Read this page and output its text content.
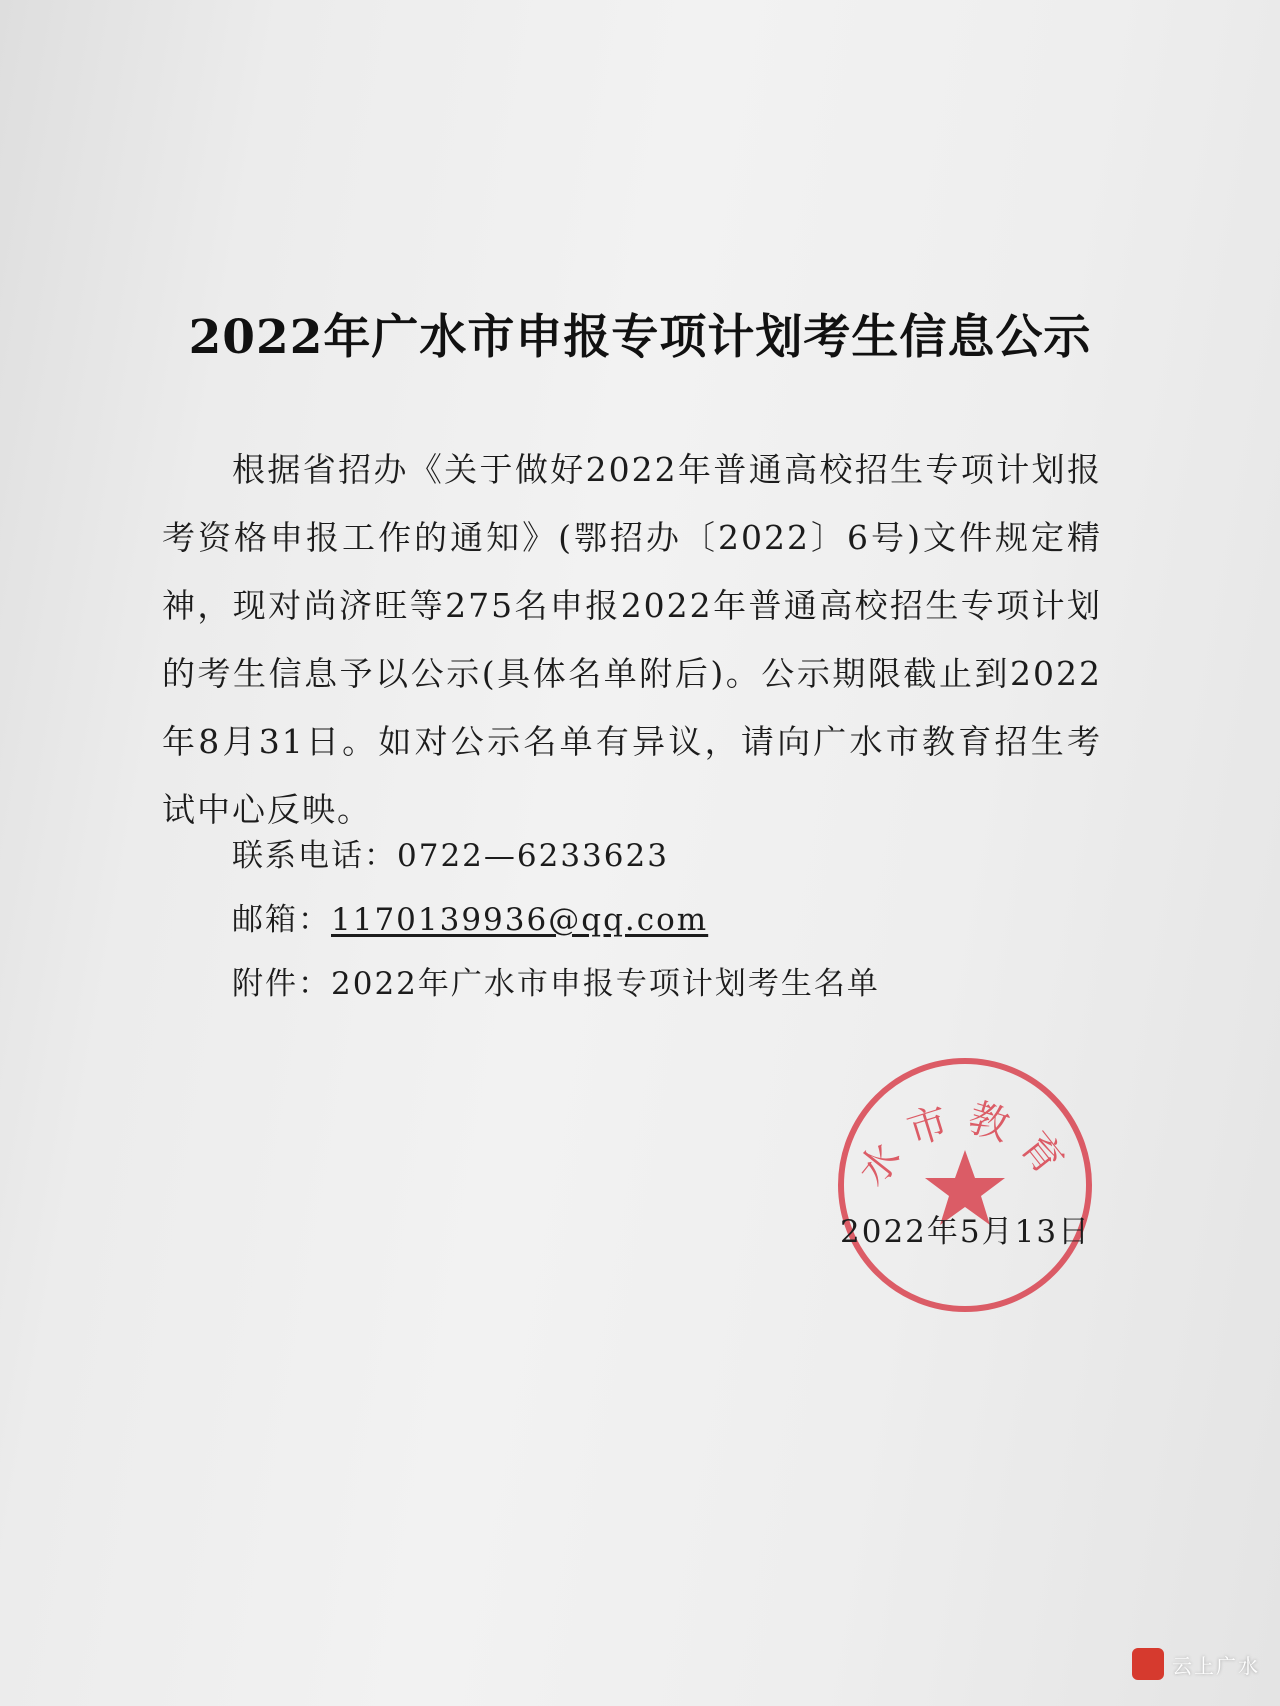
2022年广水市申报专项计划考生信息公示

根据省招办《关于做好2022年普通高校招生专项计划报考资格申报工作的通知》(鄂招办〔2022〕6号)文件规定精神，现对尚济旺等275名申报2022年普通高校招生专项计划的考生信息予以公示(具体名单附后)。公示期限截止到2022年8月31日。如对公示名单有异议，请向广水市教育招生考试中心反映。

联系电话：0722—6233623
邮箱：1170139936@qq.com
附件：2022年广水市申报专项计划考生名单
水市教育
2022年5月13日
云上广水
